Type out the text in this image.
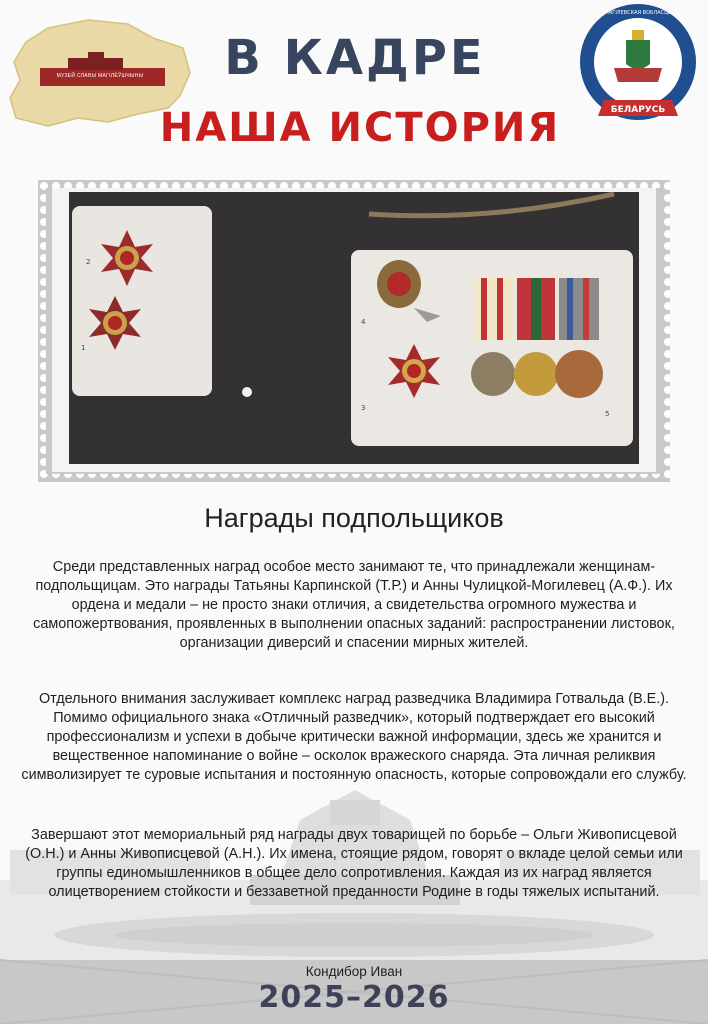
МУЗЕЙ СЛАВЫ МАГІЛЁЎШЧЫНЫ	В КАДРЕ
НАША ИСТОРИЯ	БЕЛАРУСЬ
МАГІЛЕВСКАЯ ВОБЛАСЦЬ
2
1
4
3
5
Награды подпольщиков

Среди представленных наград особое место занимают те, что принадлежали женщинам-подпольщицам. Это награды Татьяны Карпинской (Т.Р.) и Анны Чулицкой-Могилевец (А.Ф.). Их ордена и медали – не просто знаки отличия, а свидетельства огромного мужества и самопожертвования, проявленных в выполнении опасных заданий: распространении листовок, организации диверсий и спасении мирных жителей.

Отдельного внимания заслуживает комплекс наград разведчика Владимира Готвальда (В.Е.). Помимо официального знака «Отличный разведчик», который подтверждает его высокий профессионализм и успехи в добыче критически важной информации, здесь же хранится и вещественное напоминание о войне – осколок вражеского снаряда. Эта личная реликвия символизирует те суровые испытания и постоянную опасность, которые сопровождали его службу.

Завершают этот мемориальный ряд награды двух товарищей по борьбе – Ольги Живописцевой (О.Н.) и Анны Живописцевой (А.Н.). Их имена, стоящие рядом, говорят о вкладе целой семьи или группы единомышленников в общее дело сопротивления. Каждая из их наград является олицетворением стойкости и беззаветной преданности Родине в годы тяжелых испытаний.

Кондибор Иван
2025–2026
